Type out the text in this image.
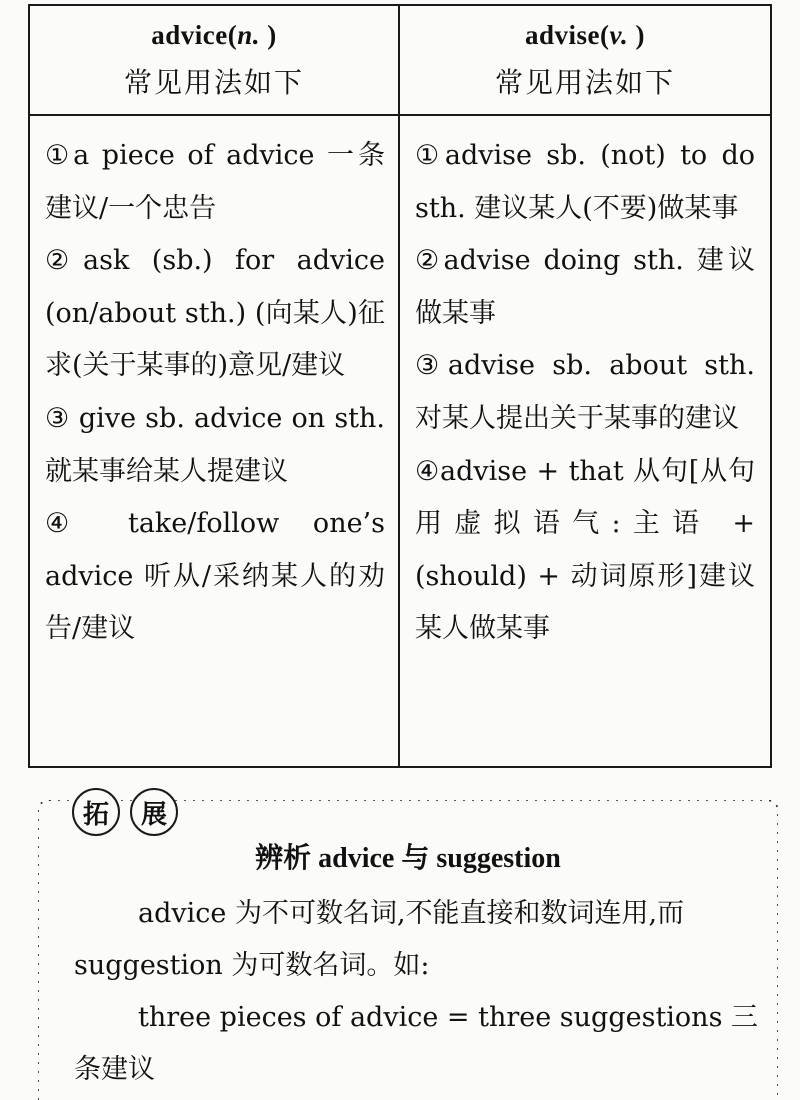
advice(n. )
常见用法如下
advise(v. )
常见用法如下

①a piece of advice 一条建议/一个忠告

②ask (sb.) for advice (on/about sth.) (向某人)征求(关于某事的)意见/建议

③ give sb. advice on sth. 就某事给某人提建议

④ take/follow one’s advice 听从/采纳某人的劝告/建议

①advise sb. (not) to do sth. 建议某人(不要)做某事

②advise doing sth. 建议做某事

③advise sb. about sth. 对某人提出关于某事的建议

④advise + that 从句[从句用虚拟语气:主语 + (should) + 动词原形]建议某人做某事

拓	展
辨析 advice 与 suggestion

advice 为不可数名词,不能直接和数词连用,而 suggestion 为可数名词。如:

three pieces of advice = three suggestions 三条建议
